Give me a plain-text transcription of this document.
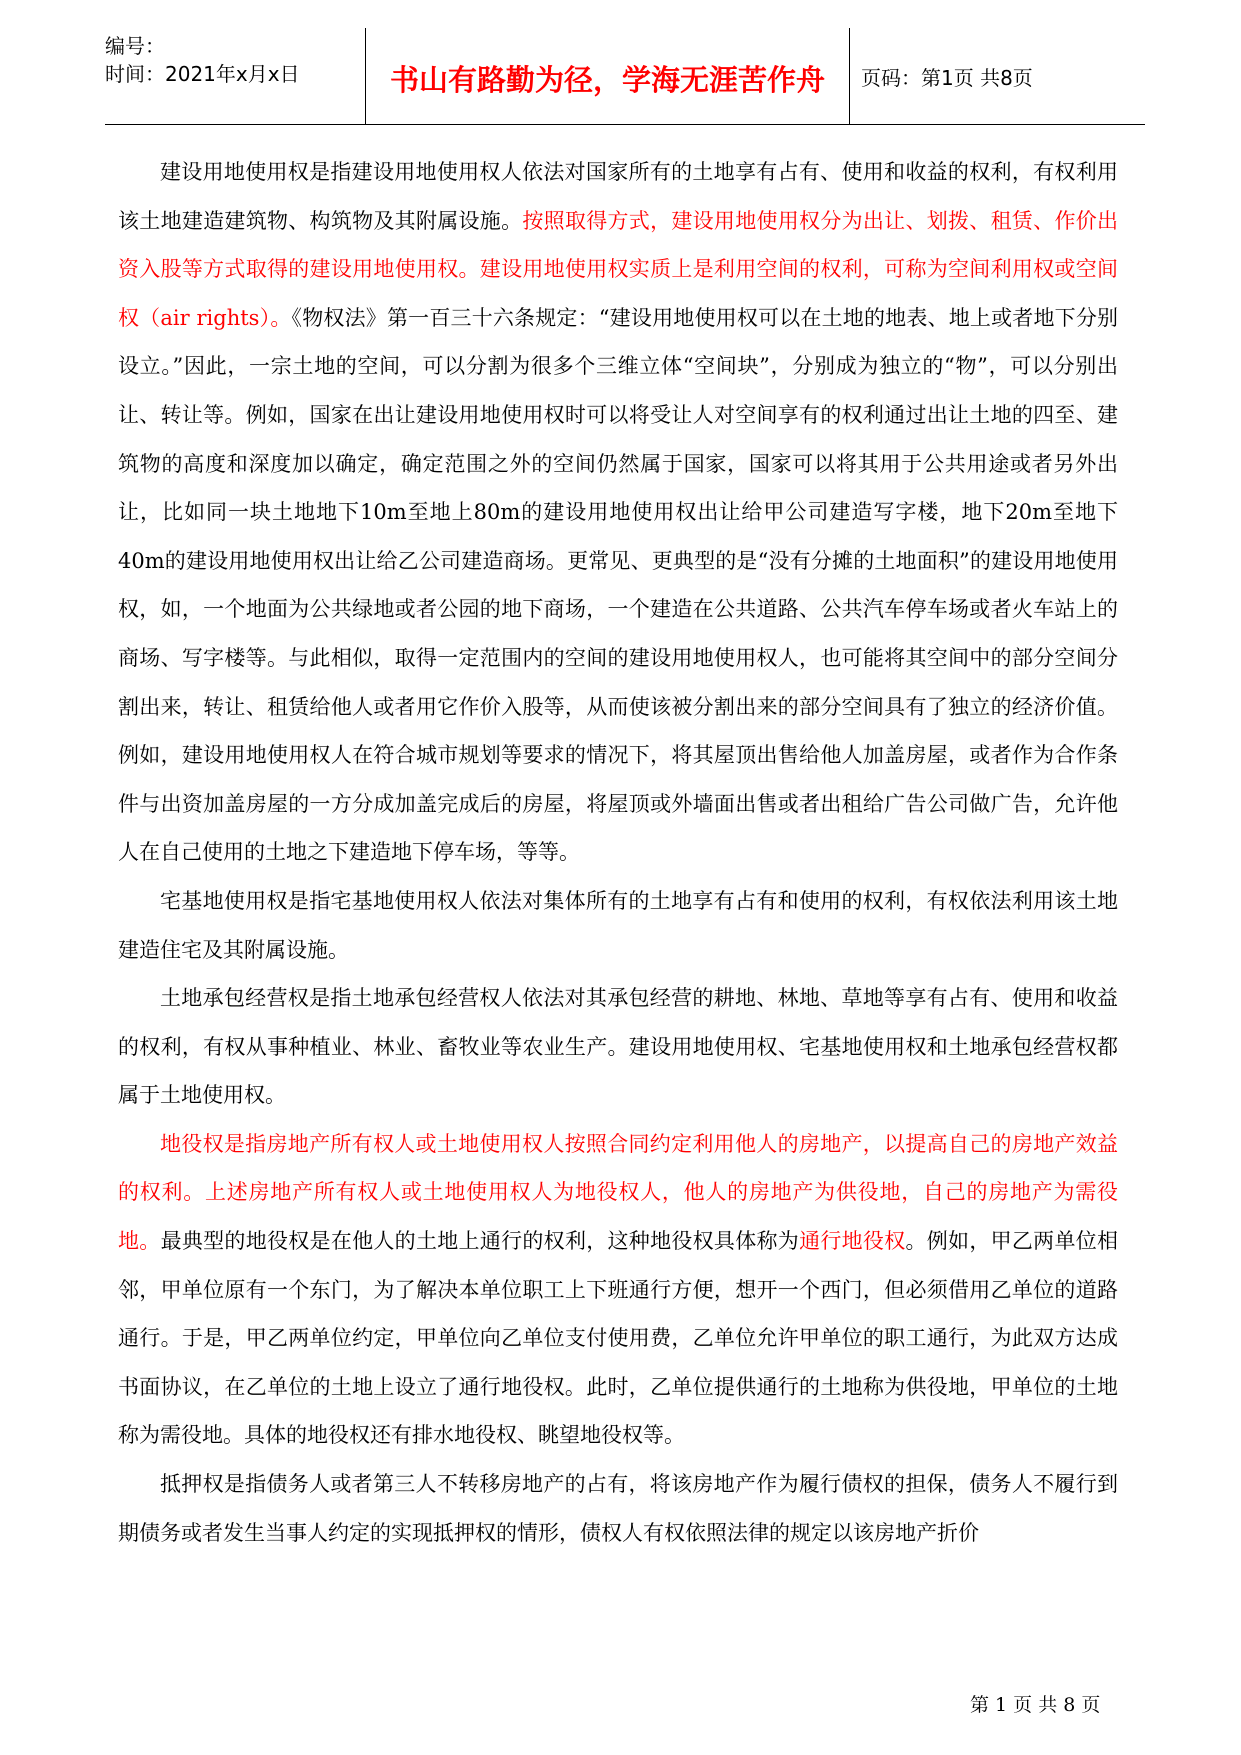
编号：
时间：2021年x月x日	书山有路勤为径，学海无涯苦作舟	页码：第1页 共8页

建设用地使用权是指建设用地使用权人依法对国家所有的土地享有占有、使用和收益的权利，有权利用该土地建造建筑物、构筑物及其附属设施。按照取得方式，建设用地使用权分为出让、划拨、租赁、作价出资入股等方式取得的建设用地使用权。建设用地使用权实质上是利用空间的权利，可称为空间利用权或空间权（air rights）。《物权法》第一百三十六条规定：“建设用地使用权可以在土地的地表、地上或者地下分别设立。”因此，一宗土地的空间，可以分割为很多个三维立体“空间块”，分别成为独立的“物”，可以分别出让、转让等。例如，国家在出让建设用地使用权时可以将受让人对空间享有的权利通过出让土地的四至、建筑物的高度和深度加以确定，确定范围之外的空间仍然属于国家，国家可以将其用于公共用途或者另外出让，比如同一块土地地下10m至地上80m的建设用地使用权出让给甲公司建造写字楼，地下20m至地下40m的建设用地使用权出让给乙公司建造商场。更常见、更典型的是“没有分摊的土地面积”的建设用地使用权，如，一个地面为公共绿地或者公园的地下商场，一个建造在公共道路、公共汽车停车场或者火车站上的商场、写字楼等。与此相似，取得一定范围内的空间的建设用地使用权人，也可能将其空间中的部分空间分割出来，转让、租赁给他人或者用它作价入股等，从而使该被分割出来的部分空间具有了独立的经济价值。例如，建设用地使用权人在符合城市规划等要求的情况下，将其屋顶出售给他人加盖房屋，或者作为合作条件与出资加盖房屋的一方分成加盖完成后的房屋，将屋顶或外墙面出售或者出租给广告公司做广告，允许他人在自己使用的土地之下建造地下停车场，等等。

宅基地使用权是指宅基地使用权人依法对集体所有的土地享有占有和使用的权利，有权依法利用该土地建造住宅及其附属设施。

土地承包经营权是指土地承包经营权人依法对其承包经营的耕地、林地、草地等享有占有、使用和收益的权利，有权从事种植业、林业、畜牧业等农业生产。建设用地使用权、宅基地使用权和土地承包经营权都属于土地使用权。

地役权是指房地产所有权人或土地使用权人按照合同约定利用他人的房地产，以提高自己的房地产效益的权利。上述房地产所有权人或土地使用权人为地役权人，他人的房地产为供役地，自己的房地产为需役地。最典型的地役权是在他人的土地上通行的权利，这种地役权具体称为通行地役权。例如，甲乙两单位相邻，甲单位原有一个东门，为了解决本单位职工上下班通行方便，想开一个西门，但必须借用乙单位的道路通行。于是，甲乙两单位约定，甲单位向乙单位支付使用费，乙单位允许甲单位的职工通行，为此双方达成书面协议，在乙单位的土地上设立了通行地役权。此时，乙单位提供通行的土地称为供役地，甲单位的土地称为需役地。具体的地役权还有排水地役权、眺望地役权等。

抵押权是指债务人或者第三人不转移房地产的占有，将该房地产作为履行债权的担保，债务人不履行到期债务或者发生当事人约定的实现抵押权的情形，债权人有权依照法律的规定以该房地产折价

第 1 页 共 8 页
